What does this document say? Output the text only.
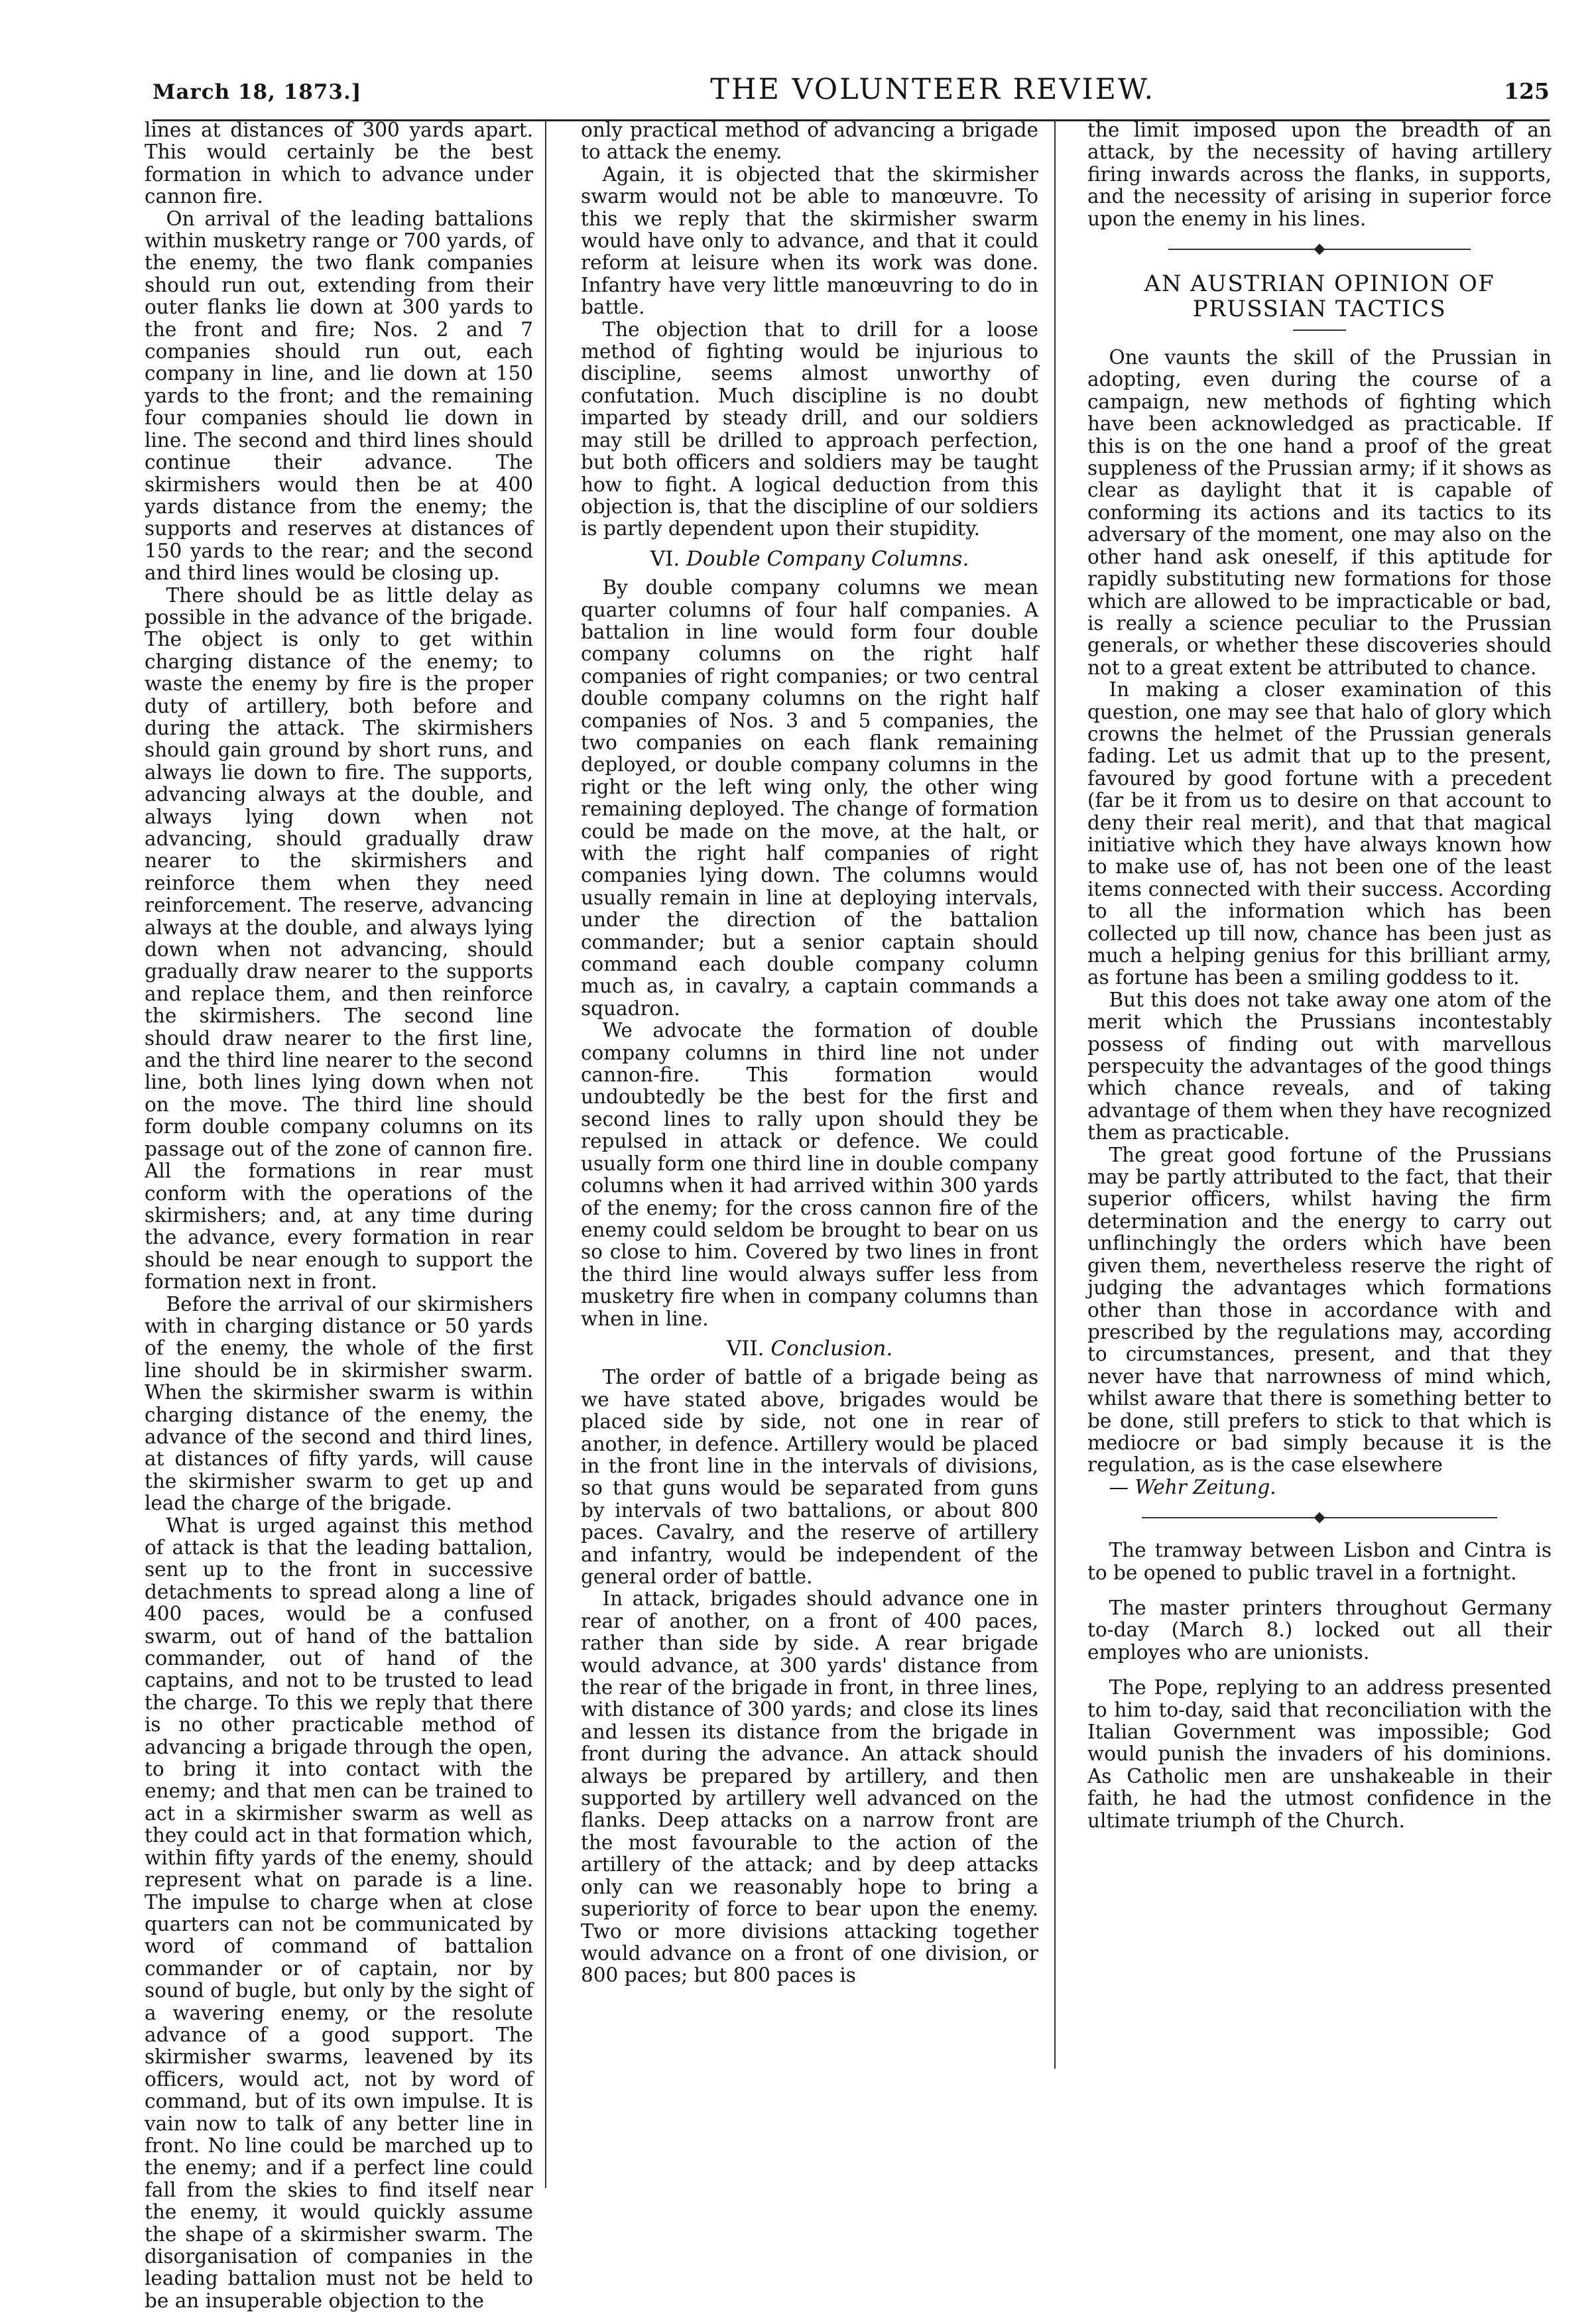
March 18, 1873.]	THE VOLUNTEER REVIEW.	125

lines at distances of 300 yards apart. This would certainly be the best formation in which to advance under cannon fire.

On arrival of the leading battalions within musketry range or 700 yards, of the enemy, the two flank companies should run out, extending from their outer flanks lie down at 300 yards to the front and fire; Nos. 2 and 7 companies should run out, each company in line, and lie down at 150 yards to the front; and the remaining four companies should lie down in line. The second and third lines should continue their advance. The skirmishers would then be at 400 yards distance from the enemy; the supports and reserves at distances of 150 yards to the rear; and the second and third lines would be closing up.

There should be as little delay as possible in the advance of the brigade. The object is only to get within charging distance of the enemy; to waste the enemy by fire is the proper duty of artillery, both before and during the attack. The skirmishers should gain ground by short runs, and always lie down to fire. The supports, advancing always at the double, and always lying down when not advancing, should gradually draw nearer to the skirmishers and reinforce them when they need reinforcement. The reserve, advancing always at the double, and always lying down when not advancing, should gradually draw nearer to the supports and replace them, and then reinforce the skirmishers. The second line should draw nearer to the first line, and the third line nearer to the second line, both lines lying down when not on the move. The third line should form double company columns on its passage out of the zone of cannon fire. All the formations in rear must conform with the operations of the skirmishers; and, at any time during the advance, every formation in rear should be near enough to support the formation next in front.

Before the arrival of our skirmishers with in charging distance or 50 yards of the enemy, the whole of the first line should be in skirmisher swarm. When the skirmisher swarm is within charging distance of the enemy, the advance of the second and third lines, at distances of fifty yards, will cause the skirmisher swarm to get up and lead the charge of the brigade.

What is urged against this method of attack is that the leading battalion, sent up to the front in successive detachments to spread along a line of 400 paces, would be a confused swarm, out of hand of the battalion commander, out of hand of the captains, and not to be trusted to lead the charge. To this we reply that there is no other practicable method of advancing a brigade through the open, to bring it into contact with the enemy; and that men can be trained to act in a skirmisher swarm as well as they could act in that formation which, within fifty yards of the enemy, should represent what on parade is a line. The impulse to charge when at close quarters can not be communicated by word of command of battalion commander or of captain, nor by sound of bugle, but only by the sight of a wavering enemy, or the resolute advance of a good support. The skirmisher swarms, leavened by its officers, would act, not by word of command, but of its own impulse. It is vain now to talk of any better line in front. No line could be marched up to the enemy; and if a perfect line could fall from the skies to find itself near the enemy, it would quickly assume the shape of a skirmisher swarm. The disorganisation of companies in the leading battalion must not be held to be an insuperable objection to the

only practical method of advancing a brigade to attack the enemy.

Again, it is objected that the skirmisher swarm would not be able to manœuvre. To this we reply that the skirmisher swarm would have only to advance, and that it could reform at leisure when its work was done. Infantry have very little manœuvring to do in battle.

The objection that to drill for a loose method of fighting would be injurious to discipline, seems almost unworthy of confutation. Much discipline is no doubt imparted by steady drill, and our soldiers may still be drilled to approach perfection, but both officers and soldiers may be taught how to fight. A logical deduction from this objection is, that the discipline of our soldiers is partly dependent upon their stupidity.

VI. Double Company Columns.

By double company columns we mean quarter columns of four half companies. A battalion in line would form four double company columns on the right half companies of right companies; or two central double company columns on the right half companies of Nos. 3 and 5 companies, the two companies on each flank remaining deployed, or double company columns in the right or the left wing only, the other wing remaining deployed. The change of formation could be made on the move, at the halt, or with the right half companies of right companies lying down. The columns would usually remain in line at deploying intervals, under the direction of the battalion commander; but a senior captain should command each double company column much as, in cavalry, a captain commands a squadron.

We advocate the formation of double company columns in third line not under cannon-fire. This formation would undoubtedly be the best for the first and second lines to rally upon should they be repulsed in attack or defence. We could usually form one third line in double company columns when it had arrived within 300 yards of the enemy; for the cross cannon fire of the enemy could seldom be brought to bear on us so close to him. Covered by two lines in front the third line would always suffer less from musketry fire when in company columns than when in line.

VII. Conclusion.

The order of battle of a brigade being as we have stated above, brigades would be placed side by side, not one in rear of another, in defence. Artillery would be placed in the front line in the intervals of divisions, so that guns would be separated from guns by intervals of two battalions, or about 800 paces. Cavalry, and the reserve of artillery and infantry, would be independent of the general order of battle.

In attack, brigades should advance one in rear of another, on a front of 400 paces, rather than side by side. A rear brigade would advance, at 300 yards' distance from the rear of the brigade in front, in three lines, with distance of 300 yards; and close its lines and lessen its distance from the brigade in front during the advance. An attack should always be prepared by artillery, and then supported by artillery well advanced on the flanks. Deep attacks on a narrow front are the most favourable to the action of the artillery of the attack; and by deep attacks only can we reasonably hope to bring a superiority of force to bear upon the enemy. Two or more divisions attacking together would advance on a front of one division, or 800 paces; but 800 paces is

the limit imposed upon the breadth of an attack, by the necessity of having artillery firing inwards across the flanks, in supports, and the necessity of arising in superior force upon the enemy in his lines.

AN AUSTRIAN OPINION OF PRUSSIAN TACTICS

One vaunts the skill of the Prussian in adopting, even during the course of a campaign, new methods of fighting which have been acknowledged as practicable. If this is on the one hand a proof of the great suppleness of the Prussian army; if it shows as clear as daylight that it is capable of conforming its actions and its tactics to its adversary of the moment, one may also on the other hand ask oneself, if this aptitude for rapidly substituting new formations for those which are allowed to be impracticable or bad, is really a science peculiar to the Prussian generals, or whether these discoveries should not to a great extent be attributed to chance.

In making a closer examination of this question, one may see that halo of glory which crowns the helmet of the Prussian generals fading. Let us admit that up to the present, favoured by good fortune with a precedent (far be it from us to desire on that account to deny their real merit), and that that magical initiative which they have always known how to make use of, has not been one of the least items connected with their success. According to all the information which has been collected up till now, chance has been just as much a helping genius for this brilliant army, as fortune has been a smiling goddess to it.

But this does not take away one atom of the merit which the Prussians incontestably possess of finding out with marvellous perspecuity the advantages of the good things which chance reveals, and of taking advantage of them when they have recognized them as practicable.

The great good fortune of the Prussians may be partly attributed to the fact, that their superior officers, whilst having the firm determination and the energy to carry out unflinchingly the orders which have been given them, nevertheless reserve the right of judging the advantages which formations other than those in accordance with and prescribed by the regulations may, according to circumstances, present, and that they never have that narrowness of mind which, whilst aware that there is something better to be done, still prefers to stick to that which is mediocre or bad simply because it is the regulation, as is the case elsewhere

— Wehr Zeitung.

The tramway between Lisbon and Cintra is to be opened to public travel in a fortnight.

The master printers throughout Germany to-day (March 8.) locked out all their employes who are unionists.

The Pope, replying to an address presented to him to-day, said that reconciliation with the Italian Government was impossible; God would punish the invaders of his dominions. As Catholic men are unshakeable in their faith, he had the utmost confidence in the ultimate triumph of the Church.
